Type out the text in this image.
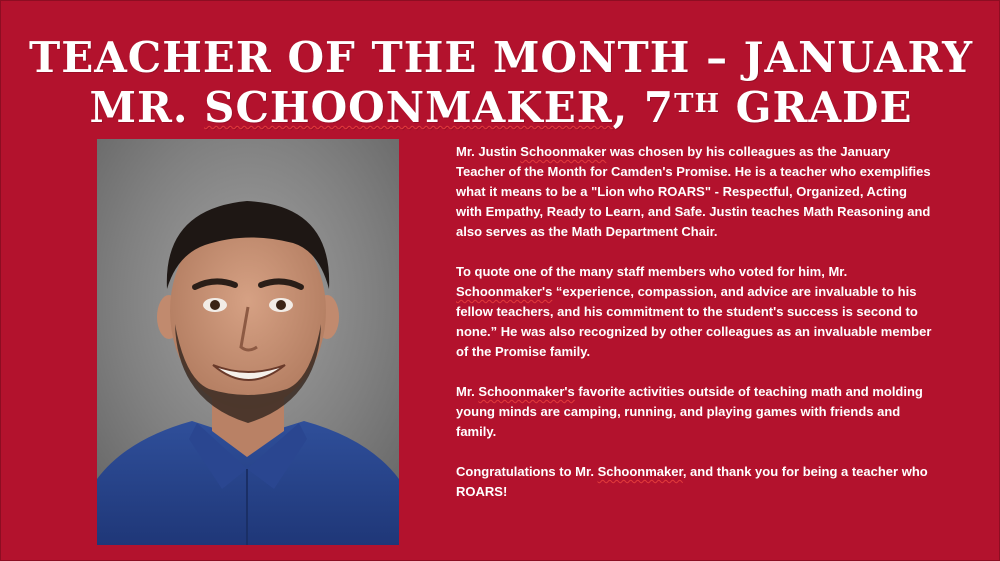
TEACHER OF THE MONTH – JANUARY
MR. SCHOONMAKER, 7TH GRADE

Mr. Justin Schoonmaker was chosen by his colleagues as the January Teacher of the Month for Camden's Promise. He is a teacher who exemplifies what it means to be a "Lion who ROARS" - Respectful, Organized, Acting with Empathy, Ready to Learn, and Safe. Justin teaches Math Reasoning and also serves as the Math Department Chair.

To quote one of the many staff members who voted for him, Mr. Schoonmaker's “experience, compassion, and advice are invaluable to his fellow teachers, and his commitment to the student's success is second to none.” He was also recognized by other colleagues as an invaluable member of the Promise family.

Mr. Schoonmaker's favorite activities outside of teaching math and molding young minds are camping, running, and playing games with friends and family.

Congratulations to Mr. Schoonmaker, and thank you for being a teacher who ROARS!
